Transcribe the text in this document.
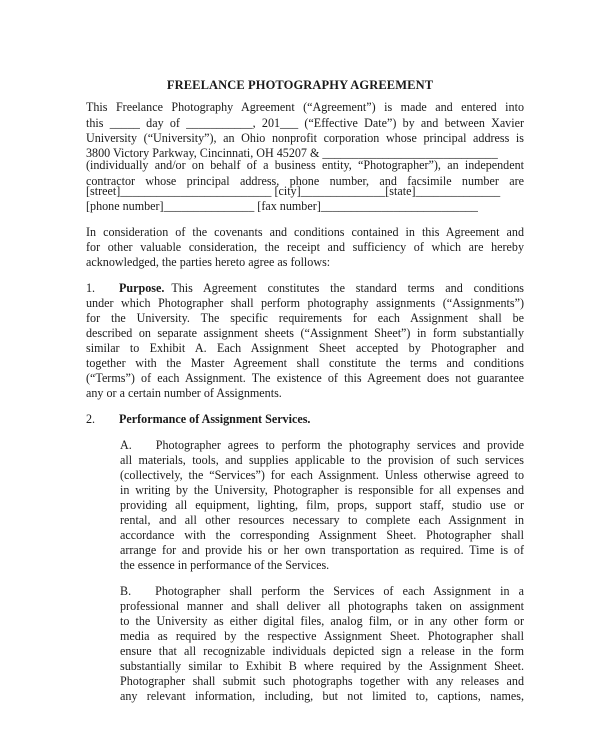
FREELANCE PHOTOGRAPHY AGREEMENT
This Freelance Photography Agreement (“Agreement”) is made and entered into
this _____ day of ___________, 201___ (“Effective Date”) by and between Xavier
University (“University”), an Ohio nonprofit corporation whose principal address is
3800 Victory Parkway, Cincinnati, OH 45207 & _____________________________
(individually and/or on behalf of a business entity, “Photographer”), an independent
contractor whose principal address, phone number, and facsimile number are
[street]_________________________ [city]______________[state]______________
[phone number]_______________ [fax number]__________________________
In consideration of the covenants and conditions contained in this Agreement and
for other valuable consideration, the receipt and sufficiency of which are hereby
acknowledged, the parties hereto agree as follows:
1. Purpose. This Agreement constitutes the standard terms and conditions
under which Photographer shall perform photography assignments (“Assignments”)
for the University. The specific requirements for each Assignment shall be
described on separate assignment sheets (“Assignment Sheet”) in form substantially
similar to Exhibit A. Each Assignment Sheet accepted by Photographer and
together with the Master Agreement shall constitute the terms and conditions
(“Terms”) of each Assignment. The existence of this Agreement does not guarantee
any or a certain number of Assignments.
2. Performance of Assignment Services.
A. Photographer agrees to perform the photography services and provide
all materials, tools, and supplies applicable to the provision of such services
(collectively, the “Services”) for each Assignment. Unless otherwise agreed to
in writing by the University, Photographer is responsible for all expenses and
providing all equipment, lighting, film, props, support staff, studio use or
rental, and all other resources necessary to complete each Assignment in
accordance with the corresponding Assignment Sheet. Photographer shall
arrange for and provide his or her own transportation as required. Time is of
the essence in performance of the Services.
B. Photographer shall perform the Services of each Assignment in a
professional manner and shall deliver all photographs taken on assignment
to the University as either digital files, analog film, or in any other form or
media as required by the respective Assignment Sheet. Photographer shall
ensure that all recognizable individuals depicted sign a release in the form
substantially similar to Exhibit B where required by the Assignment Sheet.
Photographer shall submit such photographs together with any releases and
any relevant information, including, but not limited to, captions, names,
